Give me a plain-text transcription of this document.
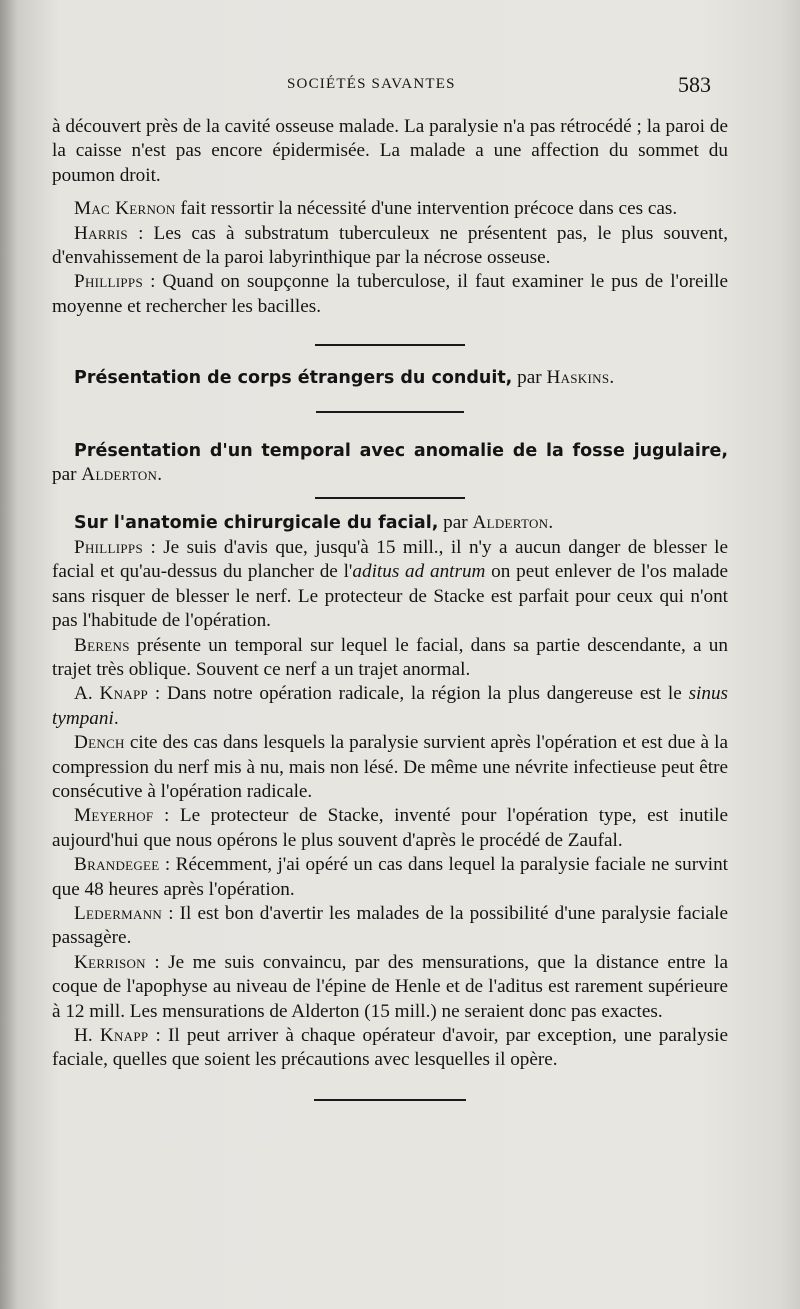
SOCIÉTÉS SAVANTES	583

à découvert près de la cavité osseuse malade. La paralysie n'a pas rétrocédé ; la paroi de la caisse n'est pas encore épidermisée. La malade a une affection du sommet du poumon droit.

Mac Kernon fait ressortir la nécessité d'une intervention précoce dans ces cas.

Harris : Les cas à substratum tuberculeux ne présentent pas, le plus souvent, d'envahissement de la paroi labyrinthique par la nécrose osseuse.

Phillipps : Quand on soupçonne la tuberculose, il faut examiner le pus de l'oreille moyenne et rechercher les bacilles.

Présentation de corps étrangers du conduit, par Haskins.

Présentation d'un temporal avec anomalie de la fosse jugulaire, par Alderton.

Sur l'anatomie chirurgicale du facial, par Alderton.

Phillipps : Je suis d'avis que, jusqu'à 15 mill., il n'y a aucun danger de blesser le facial et qu'au-dessus du plancher de l'aditus ad antrum on peut enlever de l'os malade sans risquer de blesser le nerf. Le protecteur de Stacke est parfait pour ceux qui n'ont pas l'habitude de l'opération.

Berens présente un temporal sur lequel le facial, dans sa partie descendante, a un trajet très oblique. Souvent ce nerf a un trajet anormal.

A. Knapp : Dans notre opération radicale, la région la plus dangereuse est le sinus tympani.

Dench cite des cas dans lesquels la paralysie survient après l'opération et est due à la compression du nerf mis à nu, mais non lésé. De même une névrite infectieuse peut être consécutive à l'opération radicale.

Meyerhof : Le protecteur de Stacke, inventé pour l'opération type, est inutile aujourd'hui que nous opérons le plus souvent d'après le procédé de Zaufal.

Brandegee : Récemment, j'ai opéré un cas dans lequel la paralysie faciale ne survint que 48 heures après l'opération.

Ledermann : Il est bon d'avertir les malades de la possibilité d'une paralysie faciale passagère.

Kerrison : Je me suis convaincu, par des mensurations, que la distance entre la coque de l'apophyse au niveau de l'épine de Henle et de l'aditus est rarement supérieure à 12 mill. Les mensurations de Alderton (15 mill.) ne seraient donc pas exactes.

H. Knapp : Il peut arriver à chaque opérateur d'avoir, par exception, une paralysie faciale, quelles que soient les précautions avec lesquelles il opère.
